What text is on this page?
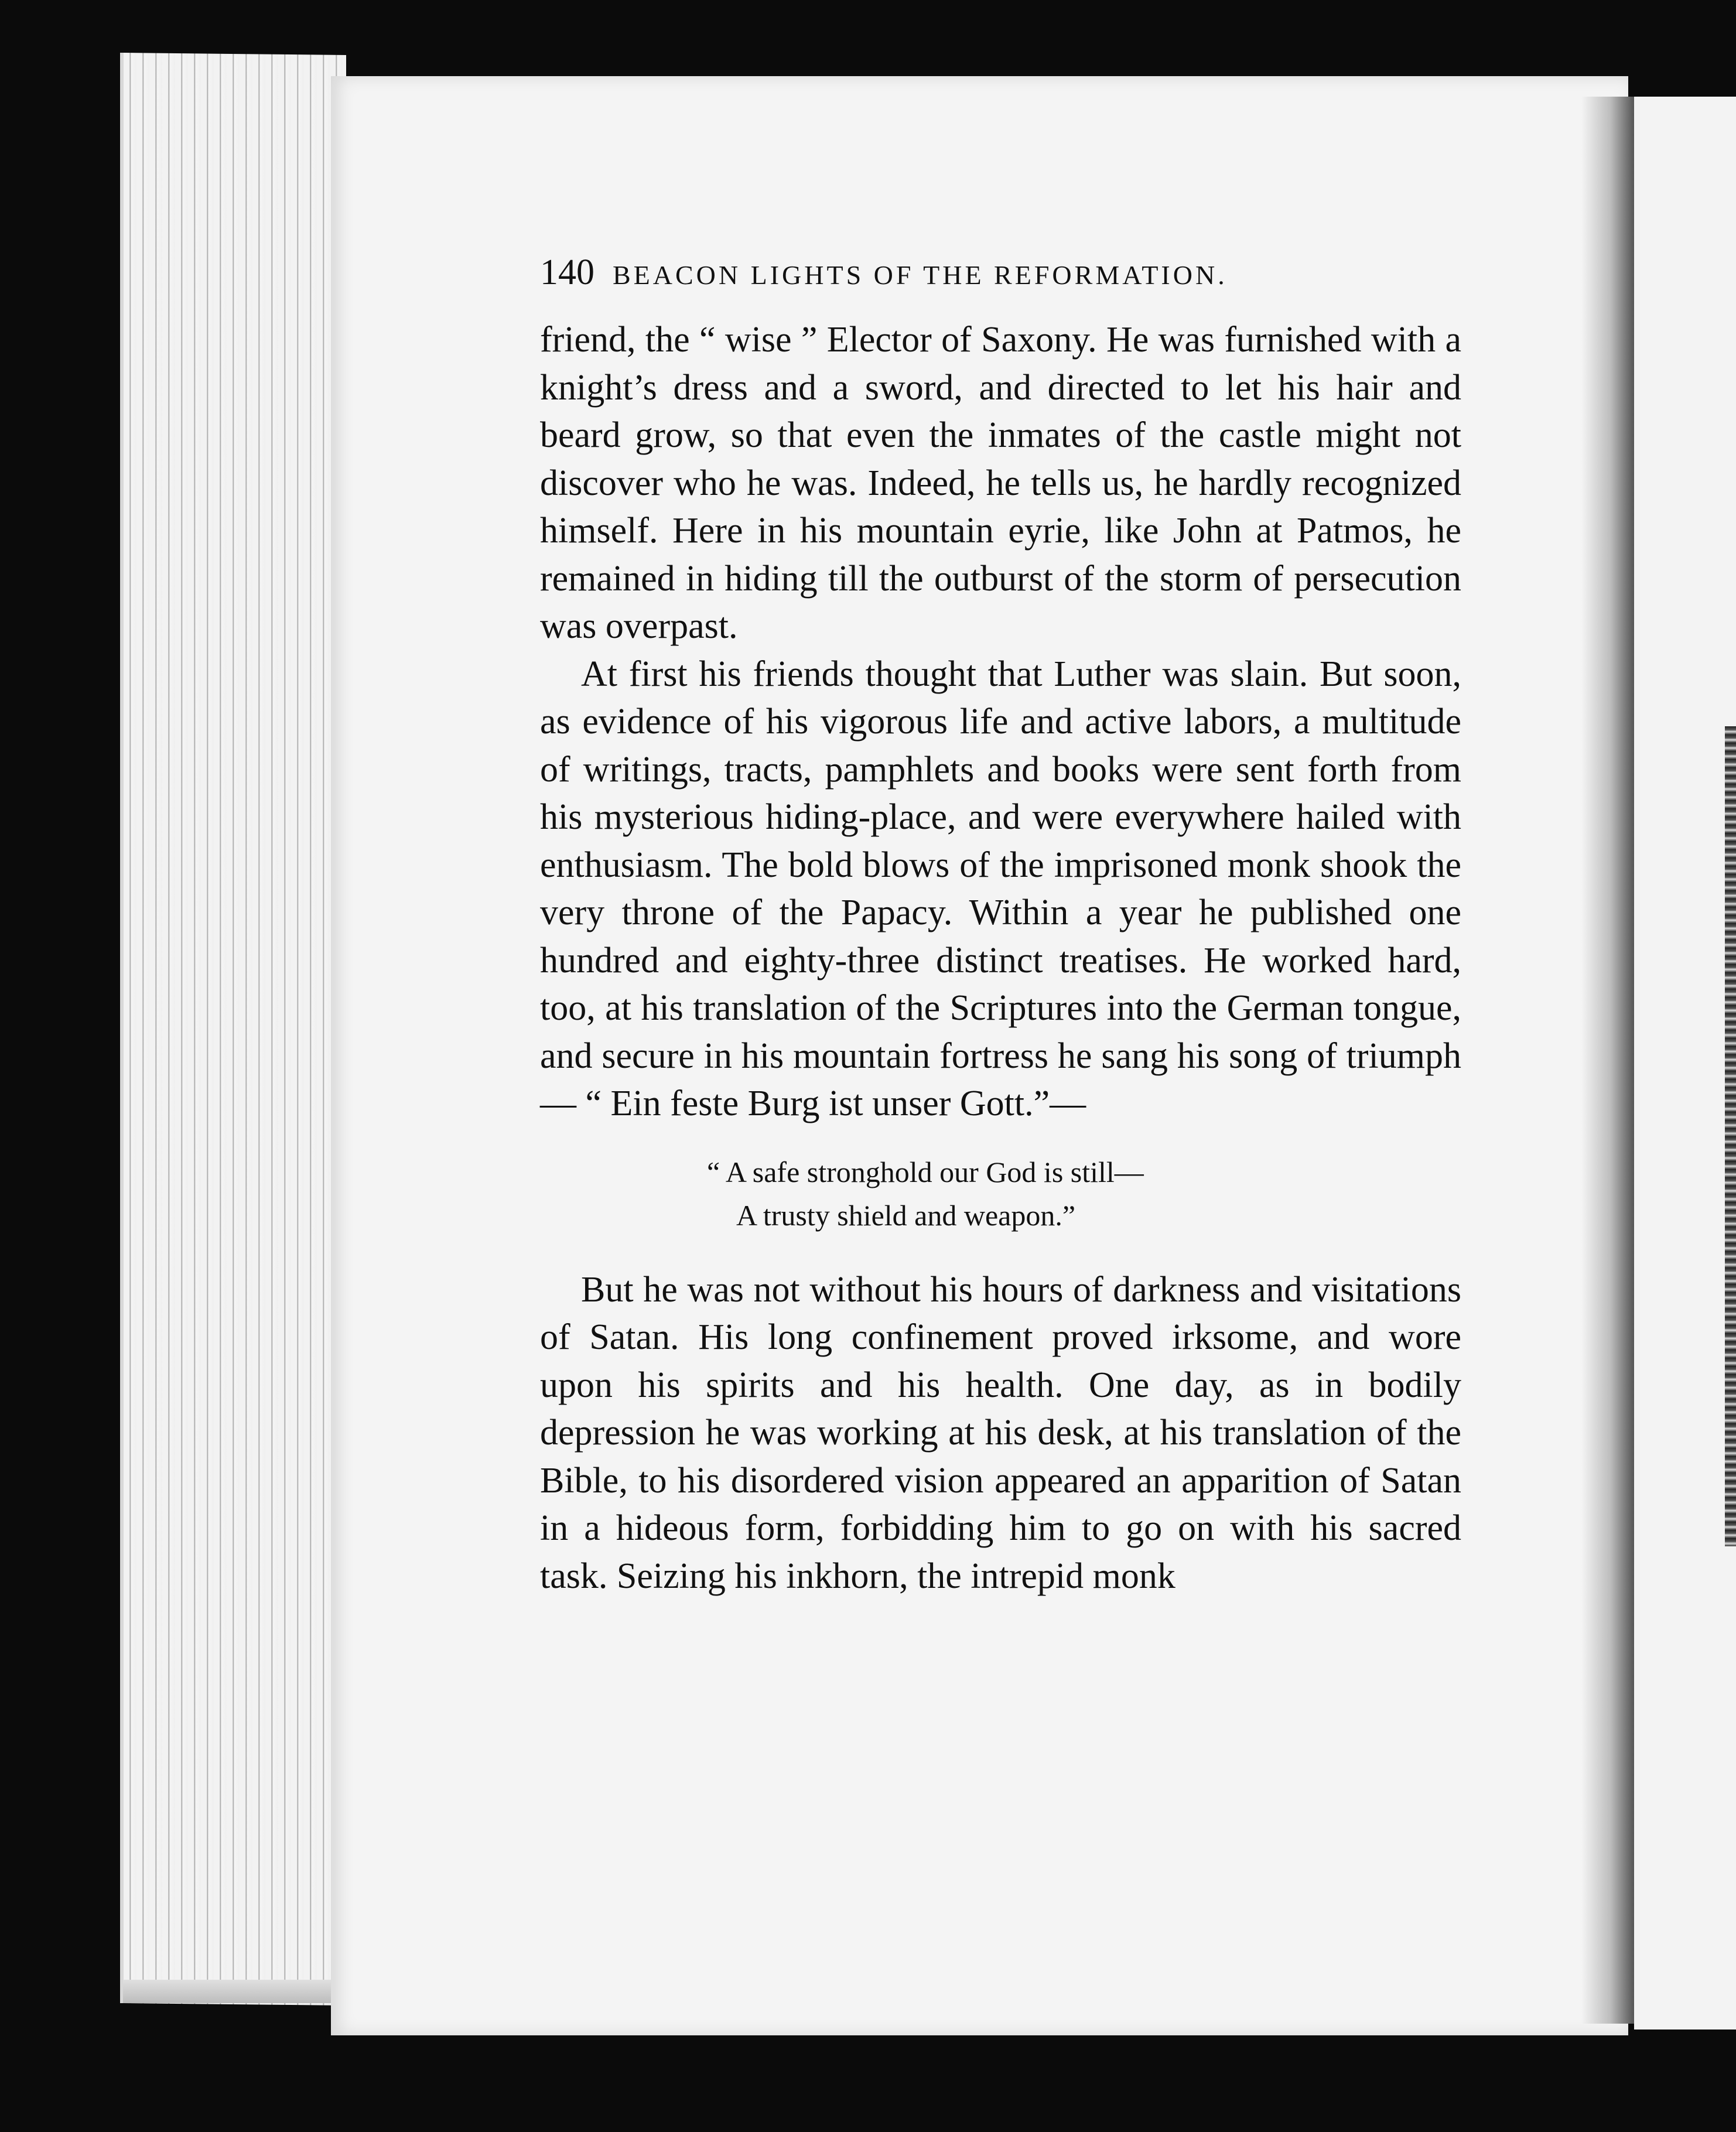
140 BEACON LIGHTS OF THE REFORMATION.

friend, the “ wise ” Elector of Saxony. He was furnished with a knight’s dress and a sword, and directed to let his hair and beard grow, so that even the inmates of the castle might not discover who he was. Indeed, he tells us, he hardly recognized himself. Here in his mountain eyrie, like John at Patmos, he remained in hiding till the outburst of the storm of persecution was overpast.

At first his friends thought that Luther was slain. But soon, as evidence of his vigorous life and active labors, a multitude of writings, tracts, pamphlets and books were sent forth from his mysterious hiding-place, and were everywhere hailed with enthusiasm. The bold blows of the imprisoned monk shook the very throne of the Papacy. Within a year he published one hundred and eighty-three distinct treatises. He worked hard, too, at his translation of the Scriptures into the German tongue, and secure in his mountain fortress he sang his song of triumph— “ Ein feste Burg ist unser Gott.”—

“ A safe stronghold our God is still—
A trusty shield and weapon.”

But he was not without his hours of darkness and visitations of Satan. His long confinement proved irksome, and wore upon his spirits and his health. One day, as in bodily depression he was working at his desk, at his translation of the Bible, to his disordered vision appeared an apparition of Satan in a hideous form, forbidding him to go on with his sacred task. Seizing his inkhorn, the intrepid monk
